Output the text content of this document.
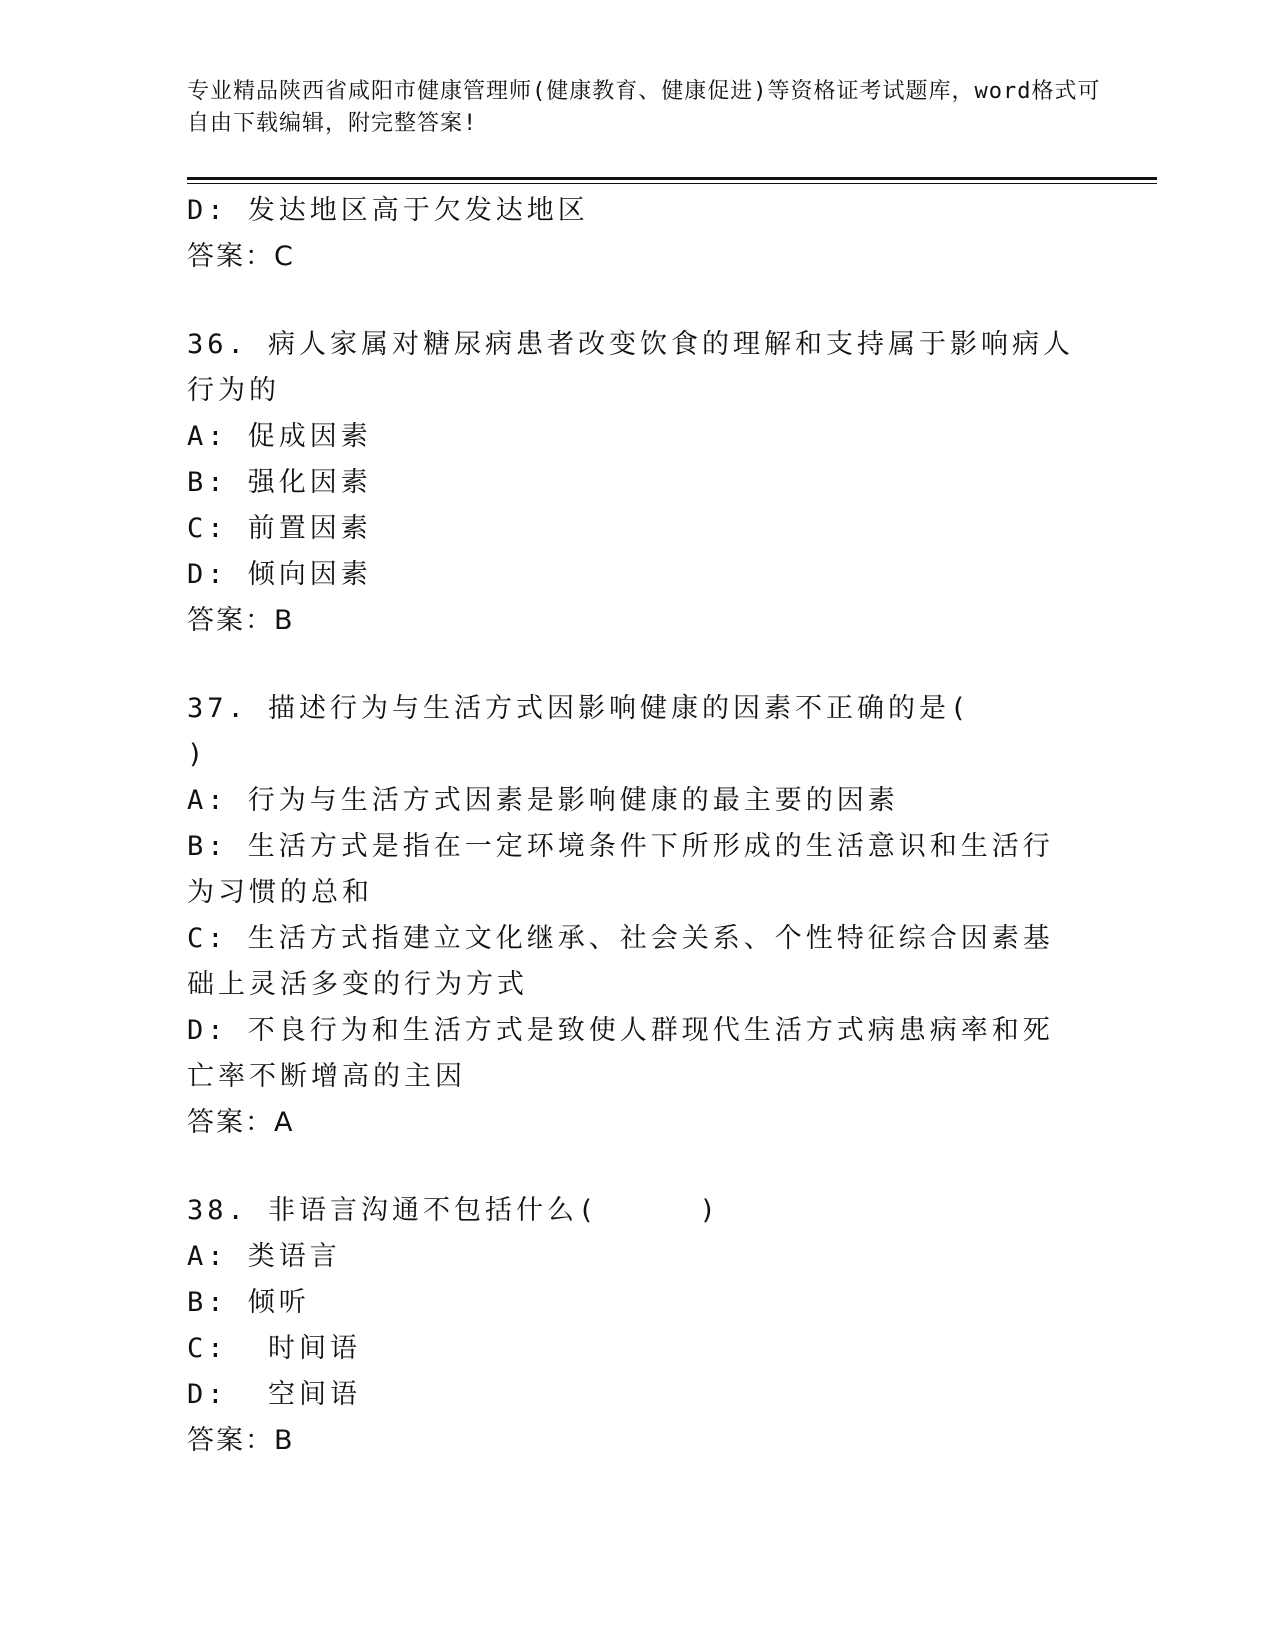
专业精品陕西省咸阳市健康管理师(健康教育、健康促进)等资格证考试题库，word格式可自由下载编辑，附完整答案!

D: 发达地区高于欠发达地区

答案：C

36. 病人家属对糖尿病患者改变饮食的理解和支持属于影响病人行为的

A: 促成因素

B: 强化因素

C: 前置因素

D: 倾向因素

答案：B

37. 描述行为与生活方式因影响健康的因素不正确的是(     )

A: 行为与生活方式因素是影响健康的最主要的因素

B: 生活方式是指在一定环境条件下所形成的生活意识和生活行为习惯的总和

C: 生活方式指建立文化继承、社会关系、个性特征综合因素基础上灵活多变的行为方式

D: 不良行为和生活方式是致使人群现代生活方式病患病率和死亡率不断增高的主因

答案：A

38. 非语言沟通不包括什么(     )

A: 类语言

B: 倾听

C:  时间语

D:  空间语

答案：B
